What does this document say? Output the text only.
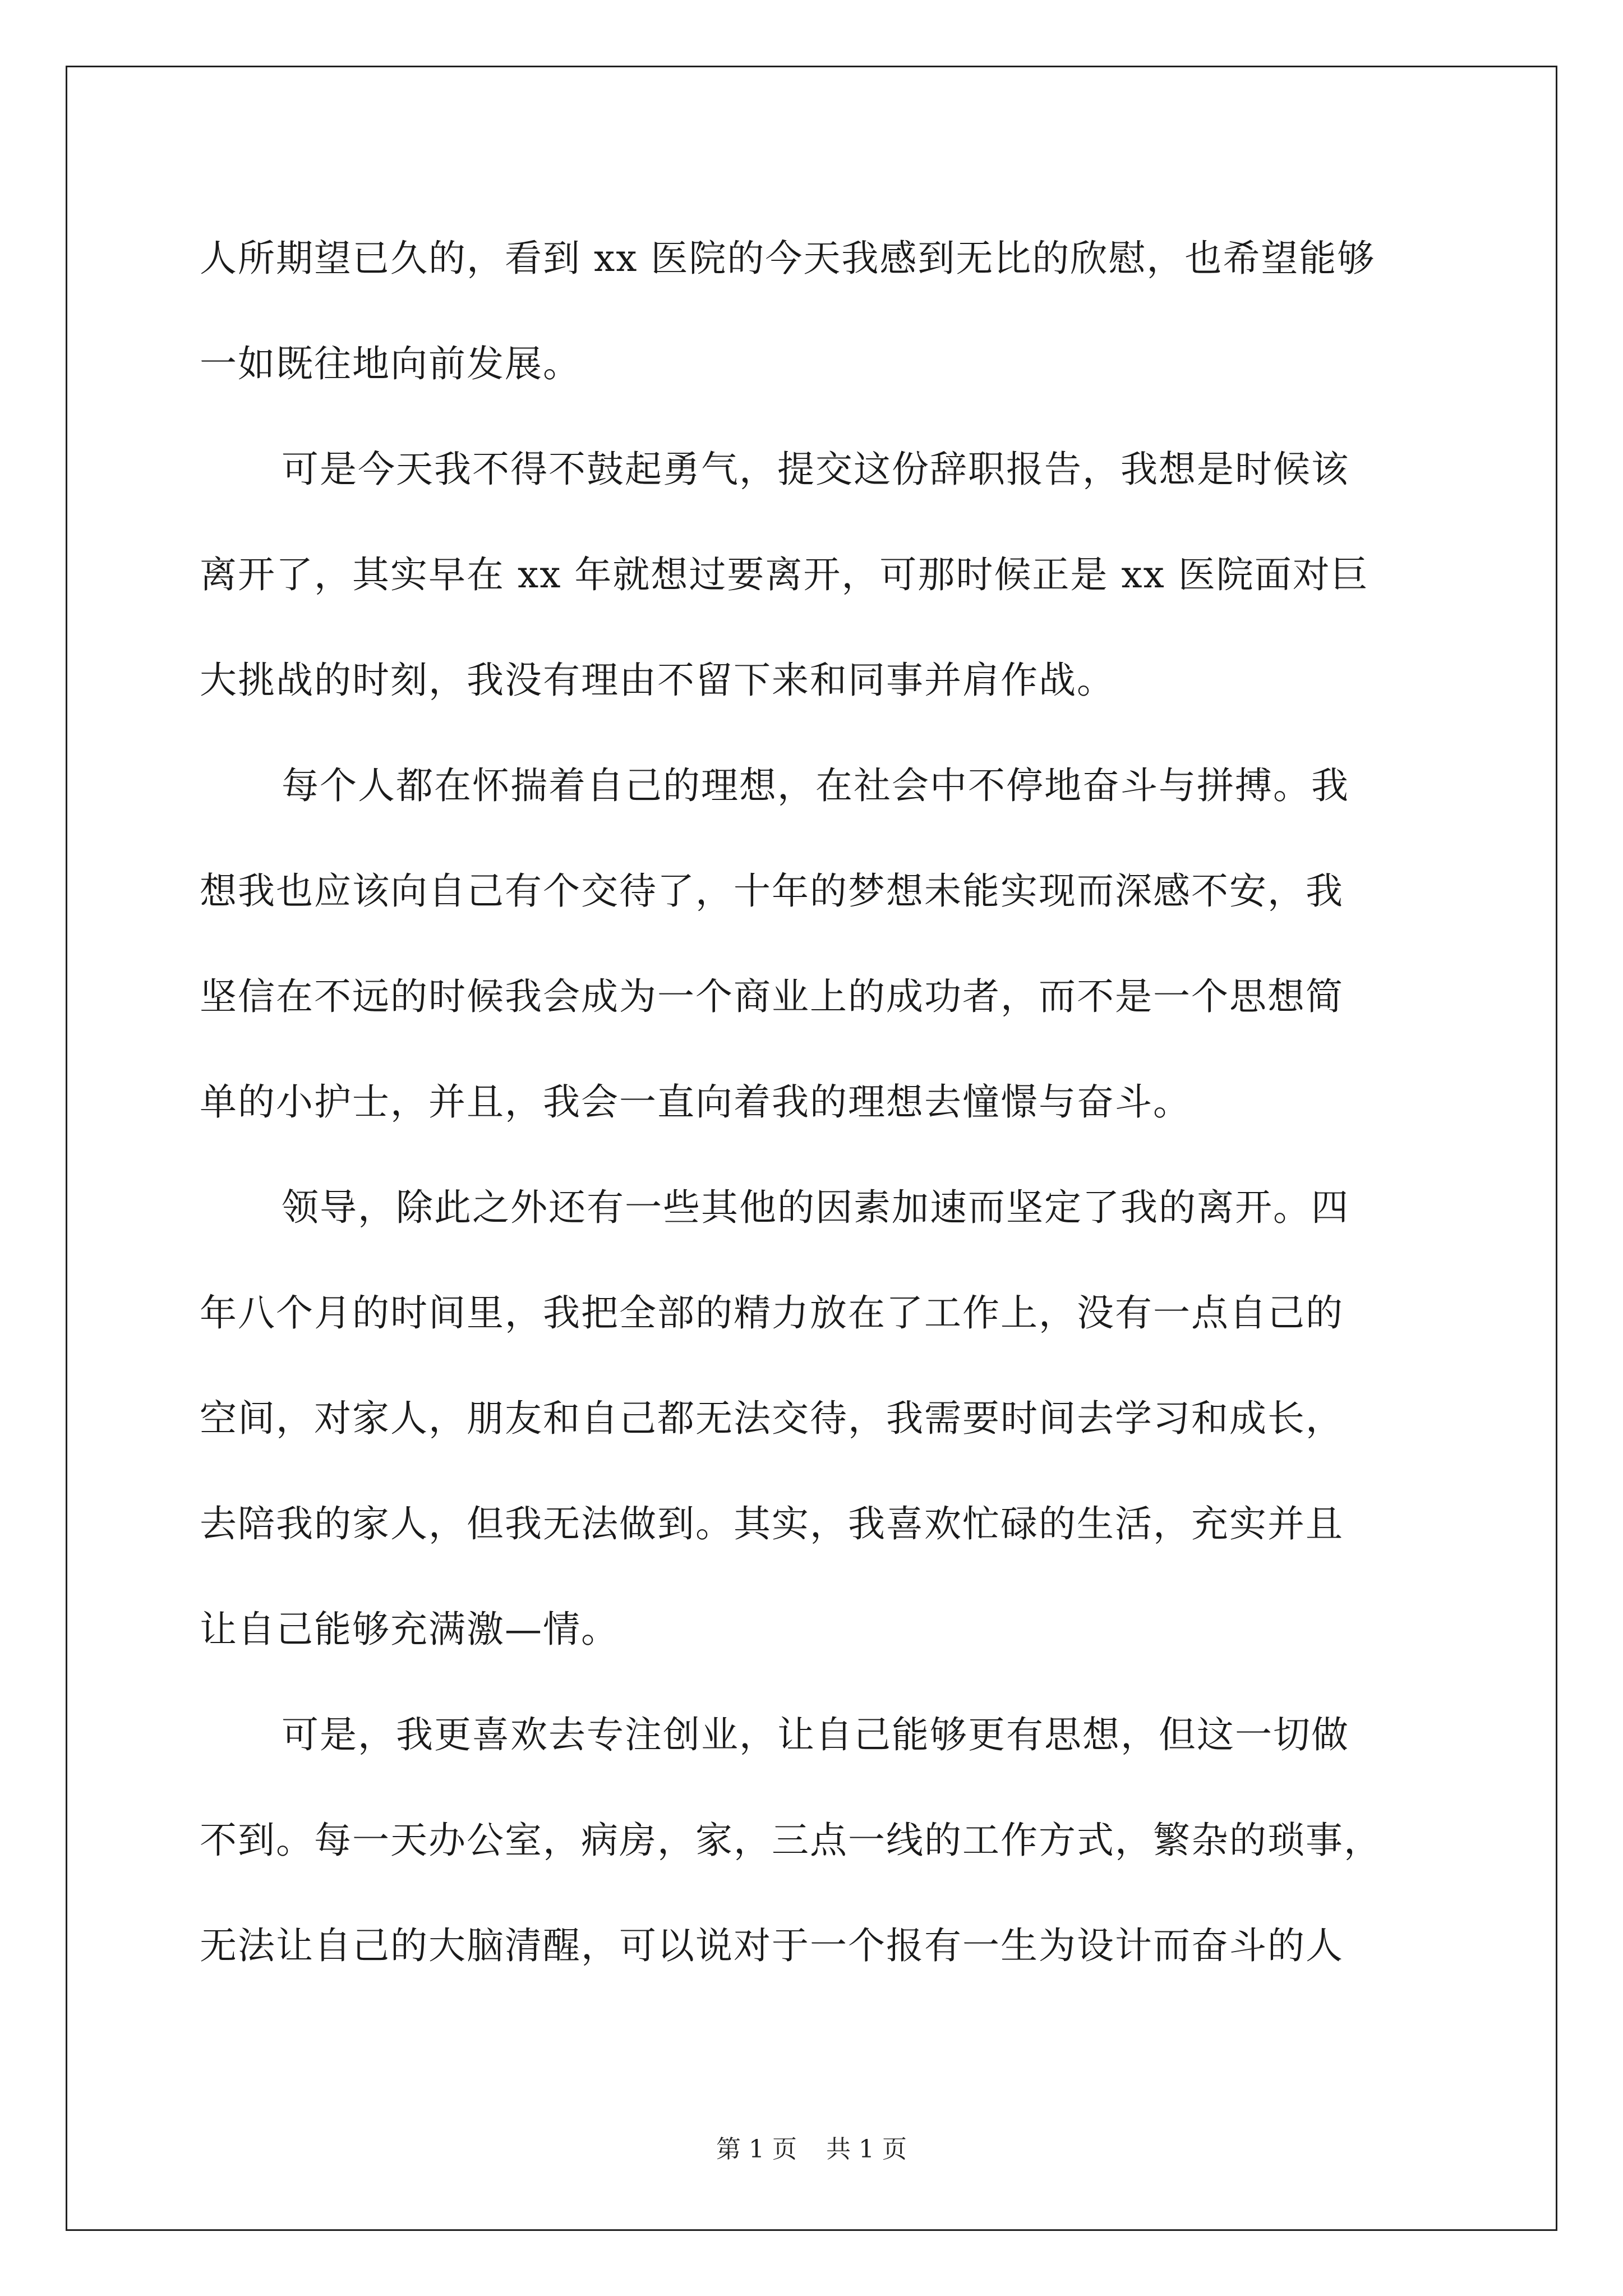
人所期望已久的，看到 xx 医院的今天我感到无比的欣慰，也希望能够
一如既往地向前发展。
可是今天我不得不鼓起勇气，提交这份辞职报告，我想是时候该
离开了，其实早在 xx 年就想过要离开，可那时候正是 xx 医院面对巨
大挑战的时刻，我没有理由不留下来和同事并肩作战。
每个人都在怀揣着自己的理想，在社会中不停地奋斗与拼搏。我
想我也应该向自己有个交待了，十年的梦想未能实现而深感不安，我
坚信在不远的时候我会成为一个商业上的成功者，而不是一个思想简
单的小护士，并且，我会一直向着我的理想去憧憬与奋斗。
领导，除此之外还有一些其他的因素加速而坚定了我的离开。四
年八个月的时间里，我把全部的精力放在了工作上，没有一点自己的
空间，对家人，朋友和自己都无法交待，我需要时间去学习和成长，
去陪我的家人，但我无法做到。其实，我喜欢忙碌的生活，充实并且
让自己能够充满激—情。
可是，我更喜欢去专注创业，让自己能够更有思想，但这一切做
不到。每一天办公室，病房，家，三点一线的工作方式，繁杂的琐事，
无法让自己的大脑清醒，可以说对于一个报有一生为设计而奋斗的人
第 1 页 共 1 页
